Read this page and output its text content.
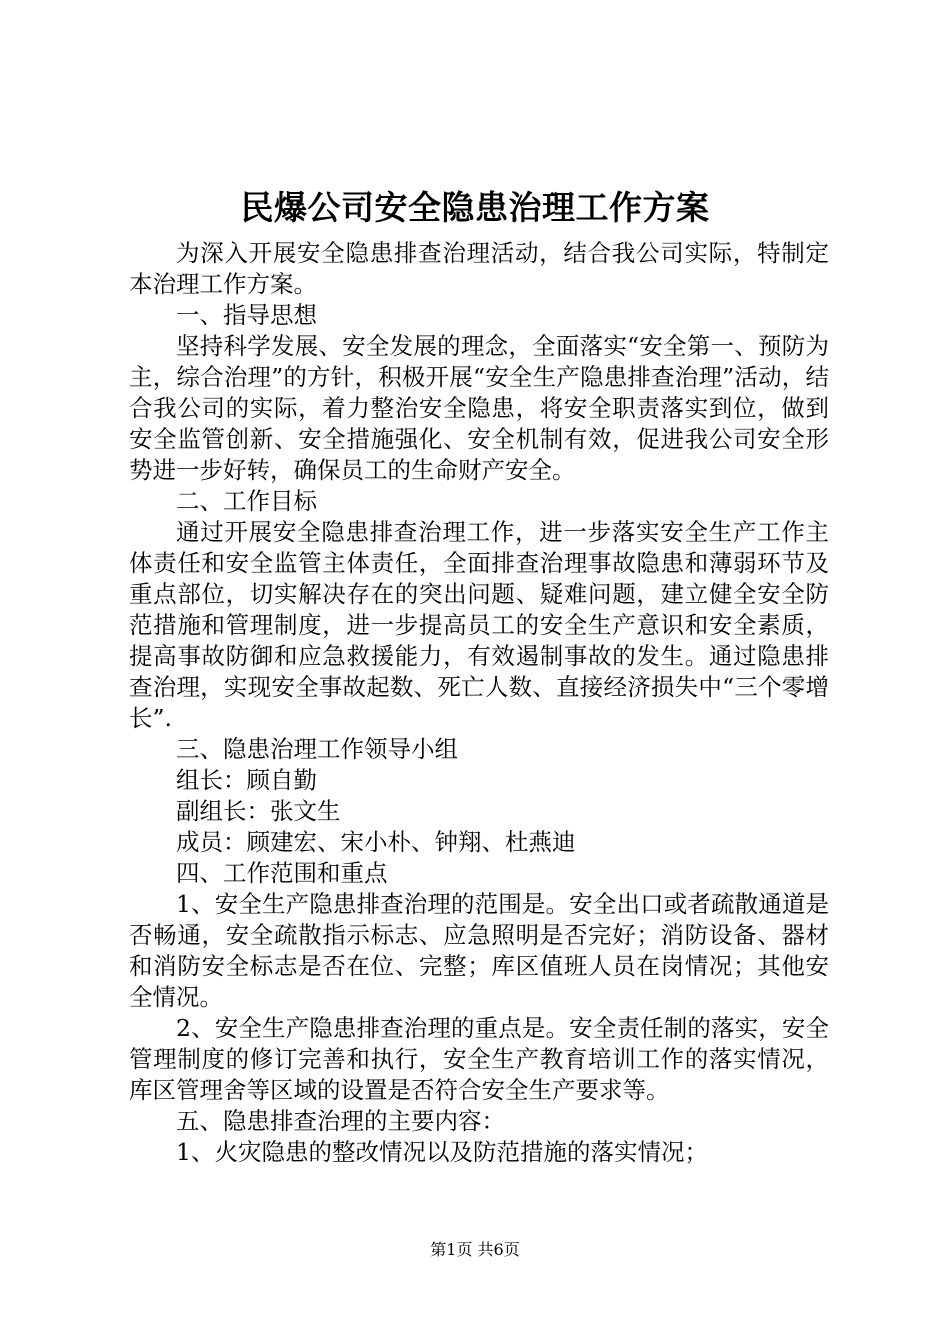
民爆公司安全隐患治理工作方案

为深入开展安全隐患排查治理活动，结合我公司实际，特制定本治理工作方案。

一、指导思想

坚持科学发展、安全发展的理念，全面落实“安全第一、预防为主，综合治理”的方针，积极开展“安全生产隐患排查治理”活动，结合我公司的实际，着力整治安全隐患，将安全职责落实到位，做到安全监管创新、安全措施强化、安全机制有效，促进我公司安全形势进一步好转，确保员工的生命财产安全。

二、工作目标

通过开展安全隐患排查治理工作，进一步落实安全生产工作主体责任和安全监管主体责任，全面排查治理事故隐患和薄弱环节及重点部位，切实解决存在的突出问题、疑难问题，建立健全安全防范措施和管理制度，进一步提高员工的安全生产意识和安全素质，提高事故防御和应急救援能力，有效遏制事故的发生。通过隐患排查治理，实现安全事故起数、死亡人数、直接经济损失中“三个零增长”.

三、隐患治理工作领导小组

组长：顾自勤

副组长：张文生

成员：顾建宏、宋小朴、钟翔、杜燕迪

四、工作范围和重点

1、安全生产隐患排查治理的范围是。安全出口或者疏散通道是否畅通，安全疏散指示标志、应急照明是否完好；消防设备、器材和消防安全标志是否在位、完整；库区值班人员在岗情况；其他安全情况。

2、安全生产隐患排查治理的重点是。安全责任制的落实，安全管理制度的修订完善和执行，安全生产教育培训工作的落实情况，库区管理舍等区域的设置是否符合安全生产要求等。

五、隐患排查治理的主要内容：

1、火灾隐患的整改情况以及防范措施的落实情况；

第1页 共6页
